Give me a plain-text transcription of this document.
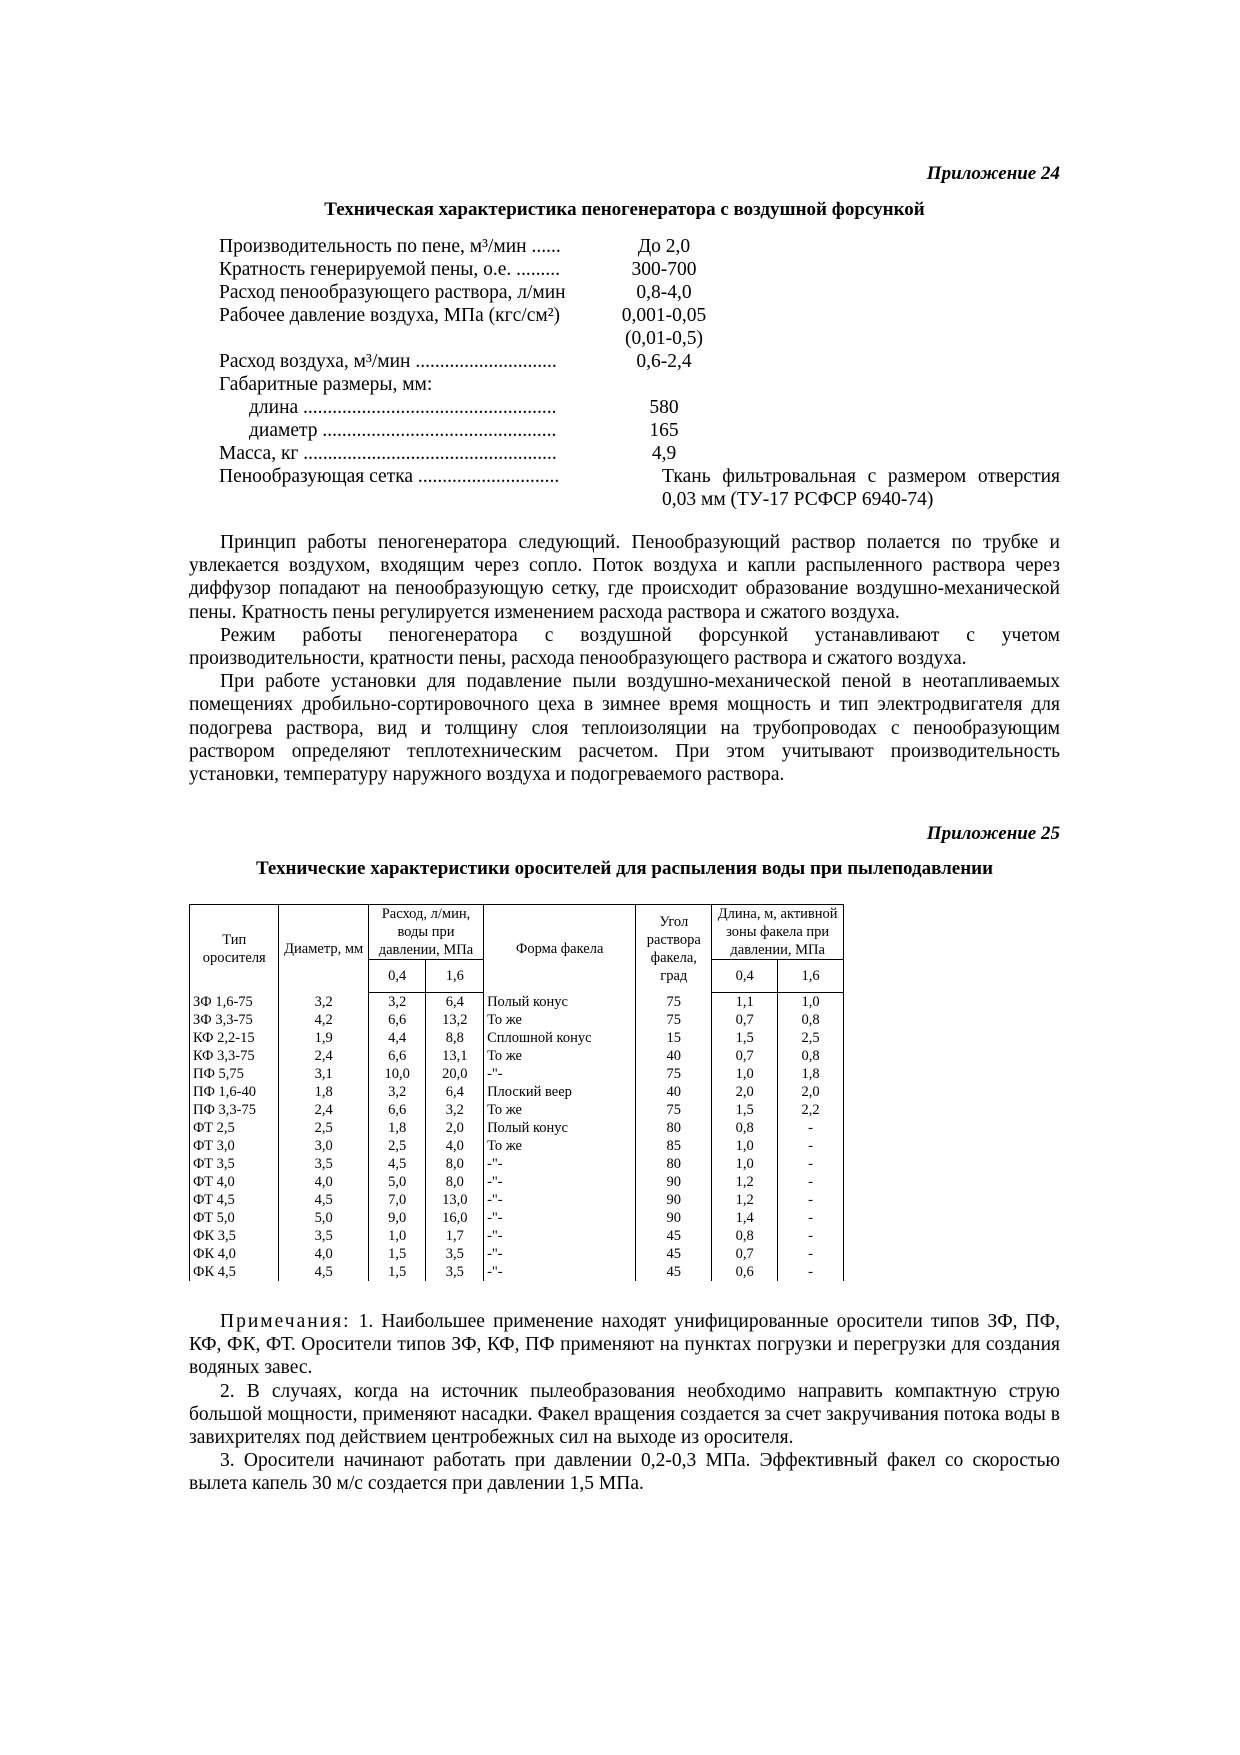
Приложение 24
Техническая характеристика пеногенератора с воздушной форсункой
Производительность по пене, м³/мин ......	До 2,0
Кратность генерируемой пены, о.е. .........	300-700
Расход пенообразующего раствора, л/мин	0,8-4,0
Рабочее давление воздуха, МПа (кгс/см²)	0,001-0,05
(0,01-0,5)
Расход воздуха, м³/мин .............................	0,6-2,4
Габаритные размеры, мм:
длина ....................................................	580
диаметр ................................................	165
Масса, кг ....................................................	4,9
Пенообразующая сетка .............................	Ткань фильтровальная с размером отверстия 0,03 мм (ТУ-17 РСФСР 6940-74)

Принцип работы пеногенератора следующий. Пенообразующий раствор полается по трубке и увлекается воздухом, входящим через сопло. Поток воздуха и капли распыленного раствора через диффузор попадают на пенообразующую сетку, где происходит образование воздушно-механической пены. Кратность пены регулируется изменением расхода раствора и сжатого воздуха.

Режим работы пеногенератора с воздушной форсункой устанавливают с учетом производительности, кратности пены, расхода пенообразующего раствора и сжатого воздуха.

При работе установки для подавление пыли воздушно-механической пеной в неотапливаемых помещениях дробильно-сортировочного цеха в зимнее время мощность и тип электродвигателя для подогрева раствора, вид и толщину слоя теплоизоляции на трубопроводах с пенообразующим раствором определяют теплотехническим расчетом. При этом учитывают производительность установки, температуру наружного воздуха и подогреваемого раствора.

Приложение 25
Технические характеристики оросителей для распыления воды при пылеподавлении
Тип оросителя	Диаметр, мм	Расход, л/мин, воды при давлении, МПа		Форма факела	Угол раствора факела, град	Длина, м, активной зоны факела при давлении, МПа	
		0,4	1,6			0,4	1,6
ЗФ 1,6-75	3,2	3,2	6,4	Полый конус	75	1,1	1,0
ЗФ 3,3-75	4,2	6,6	13,2	То же	75	0,7	0,8
КФ 2,2-15	1,9	4,4	8,8	Сплошной конус	15	1,5	2,5
КФ 3,3-75	2,4	6,6	13,1	То же	40	0,7	0,8
ПФ 5,75	3,1	10,0	20,0	-"-	75	1,0	1,8
ПФ 1,6-40	1,8	3,2	6,4	Плоский веер	40	2,0	2,0
ПФ 3,3-75	2,4	6,6	3,2	То же	75	1,5	2,2
ФТ 2,5	2,5	1,8	2,0	Полый конус	80	0,8	-
ФТ 3,0	3,0	2,5	4,0	То же	85	1,0	-
ФТ 3,5	3,5	4,5	8,0	-"-	80	1,0	-
ФТ 4,0	4,0	5,0	8,0	-"-	90	1,2	-
ФТ 4,5	4,5	7,0	13,0	-"-	90	1,2	-
ФТ 5,0	5,0	9,0	16,0	-"-	90	1,4	-
ФК 3,5	3,5	1,0	1,7	-"-	45	0,8	-
ФК 4,0	4,0	1,5	3,5	-"-	45	0,7	-
ФК 4,5	4,5	1,5	3,5	-"-	45	0,6	-

Примечания: 1. Наибольшее применение находят унифицированные оросители типов ЗФ, ПФ, КФ, ФК, ФТ. Оросители типов ЗФ, КФ, ПФ применяют на пунктах погрузки и перегрузки для создания водяных завес.

2. В случаях, когда на источник пылеобразования необходимо направить компактную струю большой мощности, применяют насадки. Факел вращения создается за счет закручивания потока воды в завихрителях под действием центробежных сил на выходе из оросителя.

3. Оросители начинают работать при давлении 0,2-0,3 МПа. Эффективный факел со скоростью вылета капель 30 м/с создается при давлении 1,5 МПа.
